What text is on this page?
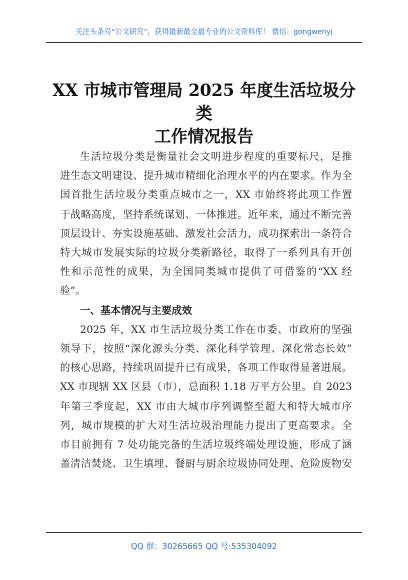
关注头条号“公文研究”，获得最新最全最专业的公文资料库！ 微信：gongwenyj
XX 市城市管理局 2025 年度生活垃圾分类
工作情况报告

生活垃圾分类是衡量社会文明进步程度的重要标尺，是推
进生态文明建设、提升城市精细化治理水平的内在要求。作为全
国首批生活垃圾分类重点城市之一，XX 市始终将此项工作置
于战略高度，坚持系统谋划、一体推进。近年来，通过不断完善
顶层设计、夯实设施基础、激发社会活力，成功探索出一条符合
特大城市发展实际的垃圾分类新路径，取得了一系列具有开创
性和示范性的成果，为全国同类城市提供了可借鉴的“XX 经
验”。

一、基本情况与主要成效

2025 年，XX 市生活垃圾分类工作在市委、市政府的坚强
领导下，按照“深化源头分类、深化科学管理、深化常态长效”
的核心思路，持续巩固提升已有成果，各项工作取得显著进展。
XX 市现辖 XX 区县（市），总面积 1.18 万平方公里。自 2023
年第三季度起，XX 市由大城市序列调整至超大和特大城市序
列，城市规模的扩大对生活垃圾治理能力提出了更高要求。全
市目前拥有 7 处功能完备的生活垃圾终端处理设施，形成了涵
盖清洁焚烧、卫生填埋、餐厨与厨余垃圾协同处理、危险废物安

QQ 群：30265665 QQ 号:535304092
